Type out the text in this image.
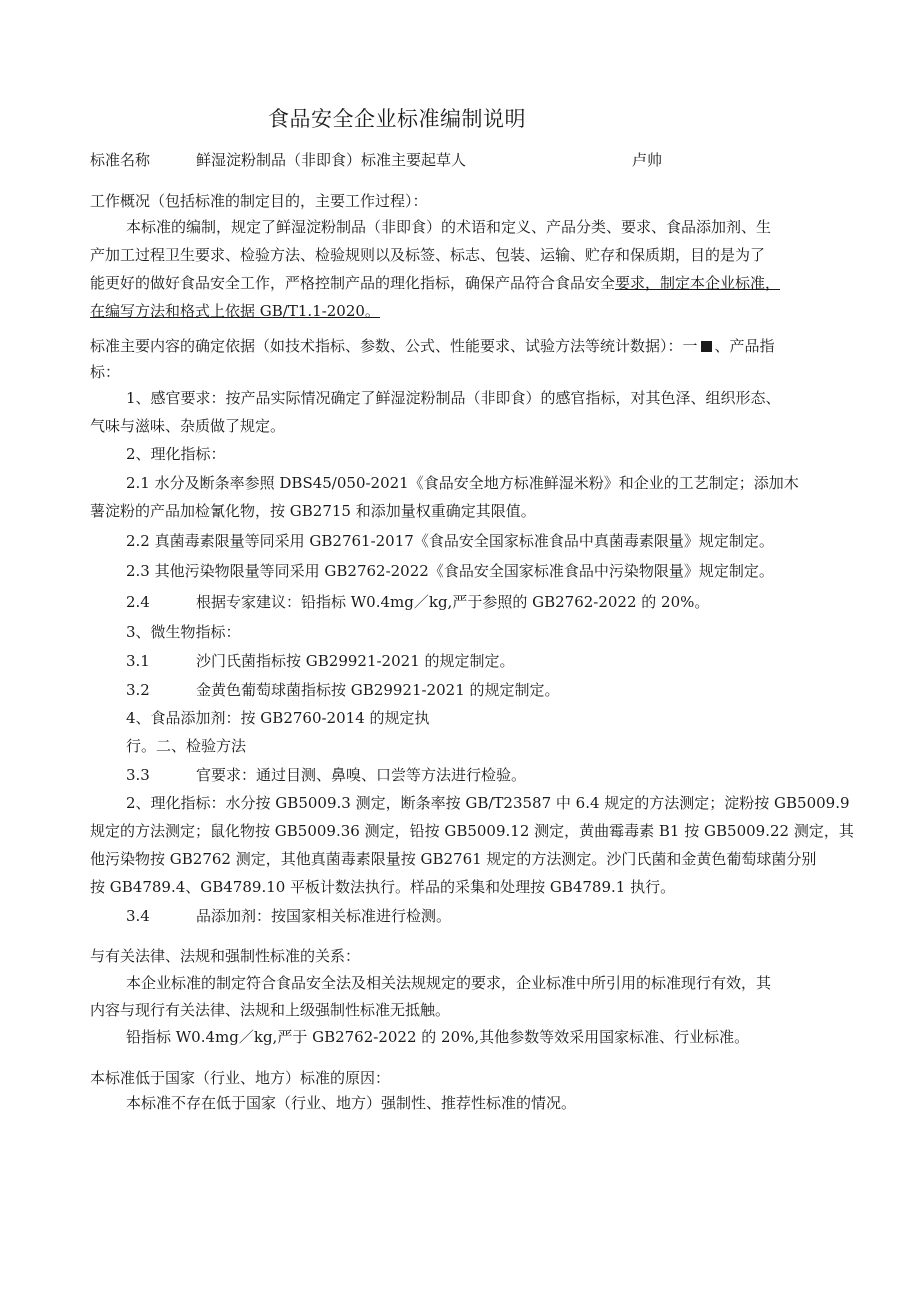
食品安全企业标准编制说明
标准名称	鲜湿淀粉制品（非即食）标准主要起草人	卢帅
工作概况（包括标准的制定目的，主要工作过程）：
本标准的编制，规定了鲜湿淀粉制品（非即食）的术语和定义、产品分类、要求、食品添加剂、生
产加工过程卫生要求、检验方法、检验规则以及标签、标志、包装、运输、贮存和保质期，目的是为了
能更好的做好食品安全工作，严格控制产品的理化指标，确保产品符合食品安全要求，制定本企业标准，
在编写方法和格式上依据 GB/T1.1-2020。
标准主要内容的确定依据（如技术指标、参数、公式、性能要求、试验方法等统计数据）：一 、产品指
标：
1、感官要求：按产品实际情况确定了鲜湿淀粉制品（非即食）的感官指标，对其色泽、组织形态、
气味与滋味、杂质做了规定。
2、理化指标：
2.1 水分及断条率参照 DBS45/050-2021《食品安全地方标准鲜湿米粉》和企业的工艺制定；添加木
薯淀粉的产品加检氰化物，按 GB2715 和添加量权重确定其限值。
2.2 真菌毒素限量等同采用 GB2761-2017《食品安全国家标准食品中真菌毒素限量》规定制定。
2.3 其他污染物限量等同采用 GB2762-2022《食品安全国家标准食品中污染物限量》规定制定。
2.4	根据专家建议：铅指标 W0.4mg／kg,严于参照的 GB2762-2022 的 20%。
3、微生物指标：
3.1	沙门氏菌指标按 GB29921-2021 的规定制定。
3.2	金黄色葡萄球菌指标按 GB29921-2021 的规定制定。
4、食品添加剂：按 GB2760-2014 的规定执
行。二、检验方法
3.3	官要求：通过目测、鼻嗅、口尝等方法进行检验。
2、理化指标：水分按 GB5009.3 测定，断条率按 GB/T23587 中 6.4 规定的方法测定；淀粉按 GB5009.9
规定的方法测定；鼠化物按 GB5009.36 测定，铅按 GB5009.12 测定，黄曲霉毒素 B1 按 GB5009.22 测定，其
他污染物按 GB2762 测定，其他真菌毒素限量按 GB2761 规定的方法测定。沙门氏菌和金黄色葡萄球菌分别
按 GB4789.4、GB4789.10 平板计数法执行。样品的采集和处理按 GB4789.1 执行。
3.4	品添加剂：按国家相关标准进行检测。
与有关法律、法规和强制性标准的关系：
本企业标准的制定符合食品安全法及相关法规规定的要求，企业标准中所引用的标准现行有效，其
内容与现行有关法律、法规和上级强制性标准无抵触。
铅指标 W0.4mg／kg,严于 GB2762-2022 的 20%,其他参数等效采用国家标准、行业标准。
本标准低于国家（行业、地方）标准的原因：
本标准不存在低于国家（行业、地方）强制性、推荐性标准的情况。
